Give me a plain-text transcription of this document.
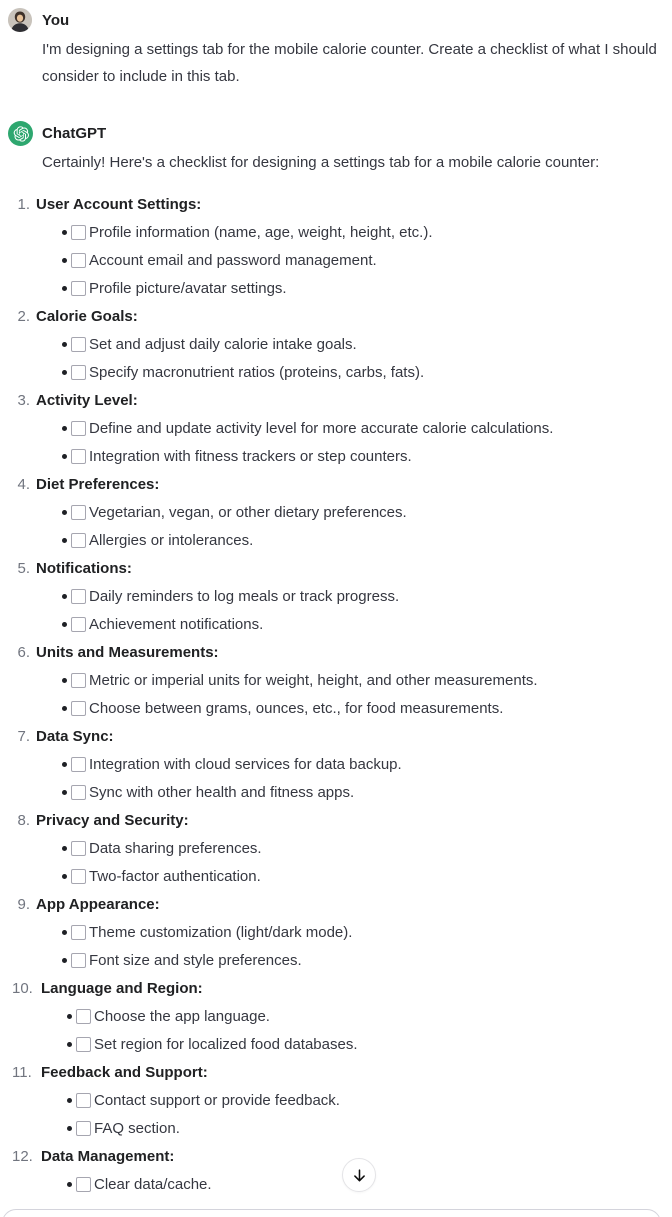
You
I'm designing a settings tab for the mobile calorie counter. Create a checklist of what I should consider to include in this tab.
ChatGPT
Certainly! Here's a checklist for designing a settings tab for a mobile calorie counter:
1. User Account Settings:
Profile information (name, age, weight, height, etc.).
Account email and password management.
Profile picture/avatar settings.
2. Calorie Goals:
Set and adjust daily calorie intake goals.
Specify macronutrient ratios (proteins, carbs, fats).
3. Activity Level:
Define and update activity level for more accurate calorie calculations.
Integration with fitness trackers or step counters.
4. Diet Preferences:
Vegetarian, vegan, or other dietary preferences.
Allergies or intolerances.
5. Notifications:
Daily reminders to log meals or track progress.
Achievement notifications.
6. Units and Measurements:
Metric or imperial units for weight, height, and other measurements.
Choose between grams, ounces, etc., for food measurements.
7. Data Sync:
Integration with cloud services for data backup.
Sync with other health and fitness apps.
8. Privacy and Security:
Data sharing preferences.
Two-factor authentication.
9. App Appearance:
Theme customization (light/dark mode).
Font size and style preferences.
10. Language and Region:
Choose the app language.
Set region for localized food databases.
11. Feedback and Support:
Contact support or provide feedback.
FAQ section.
12. Data Management:
Clear data/cache.
